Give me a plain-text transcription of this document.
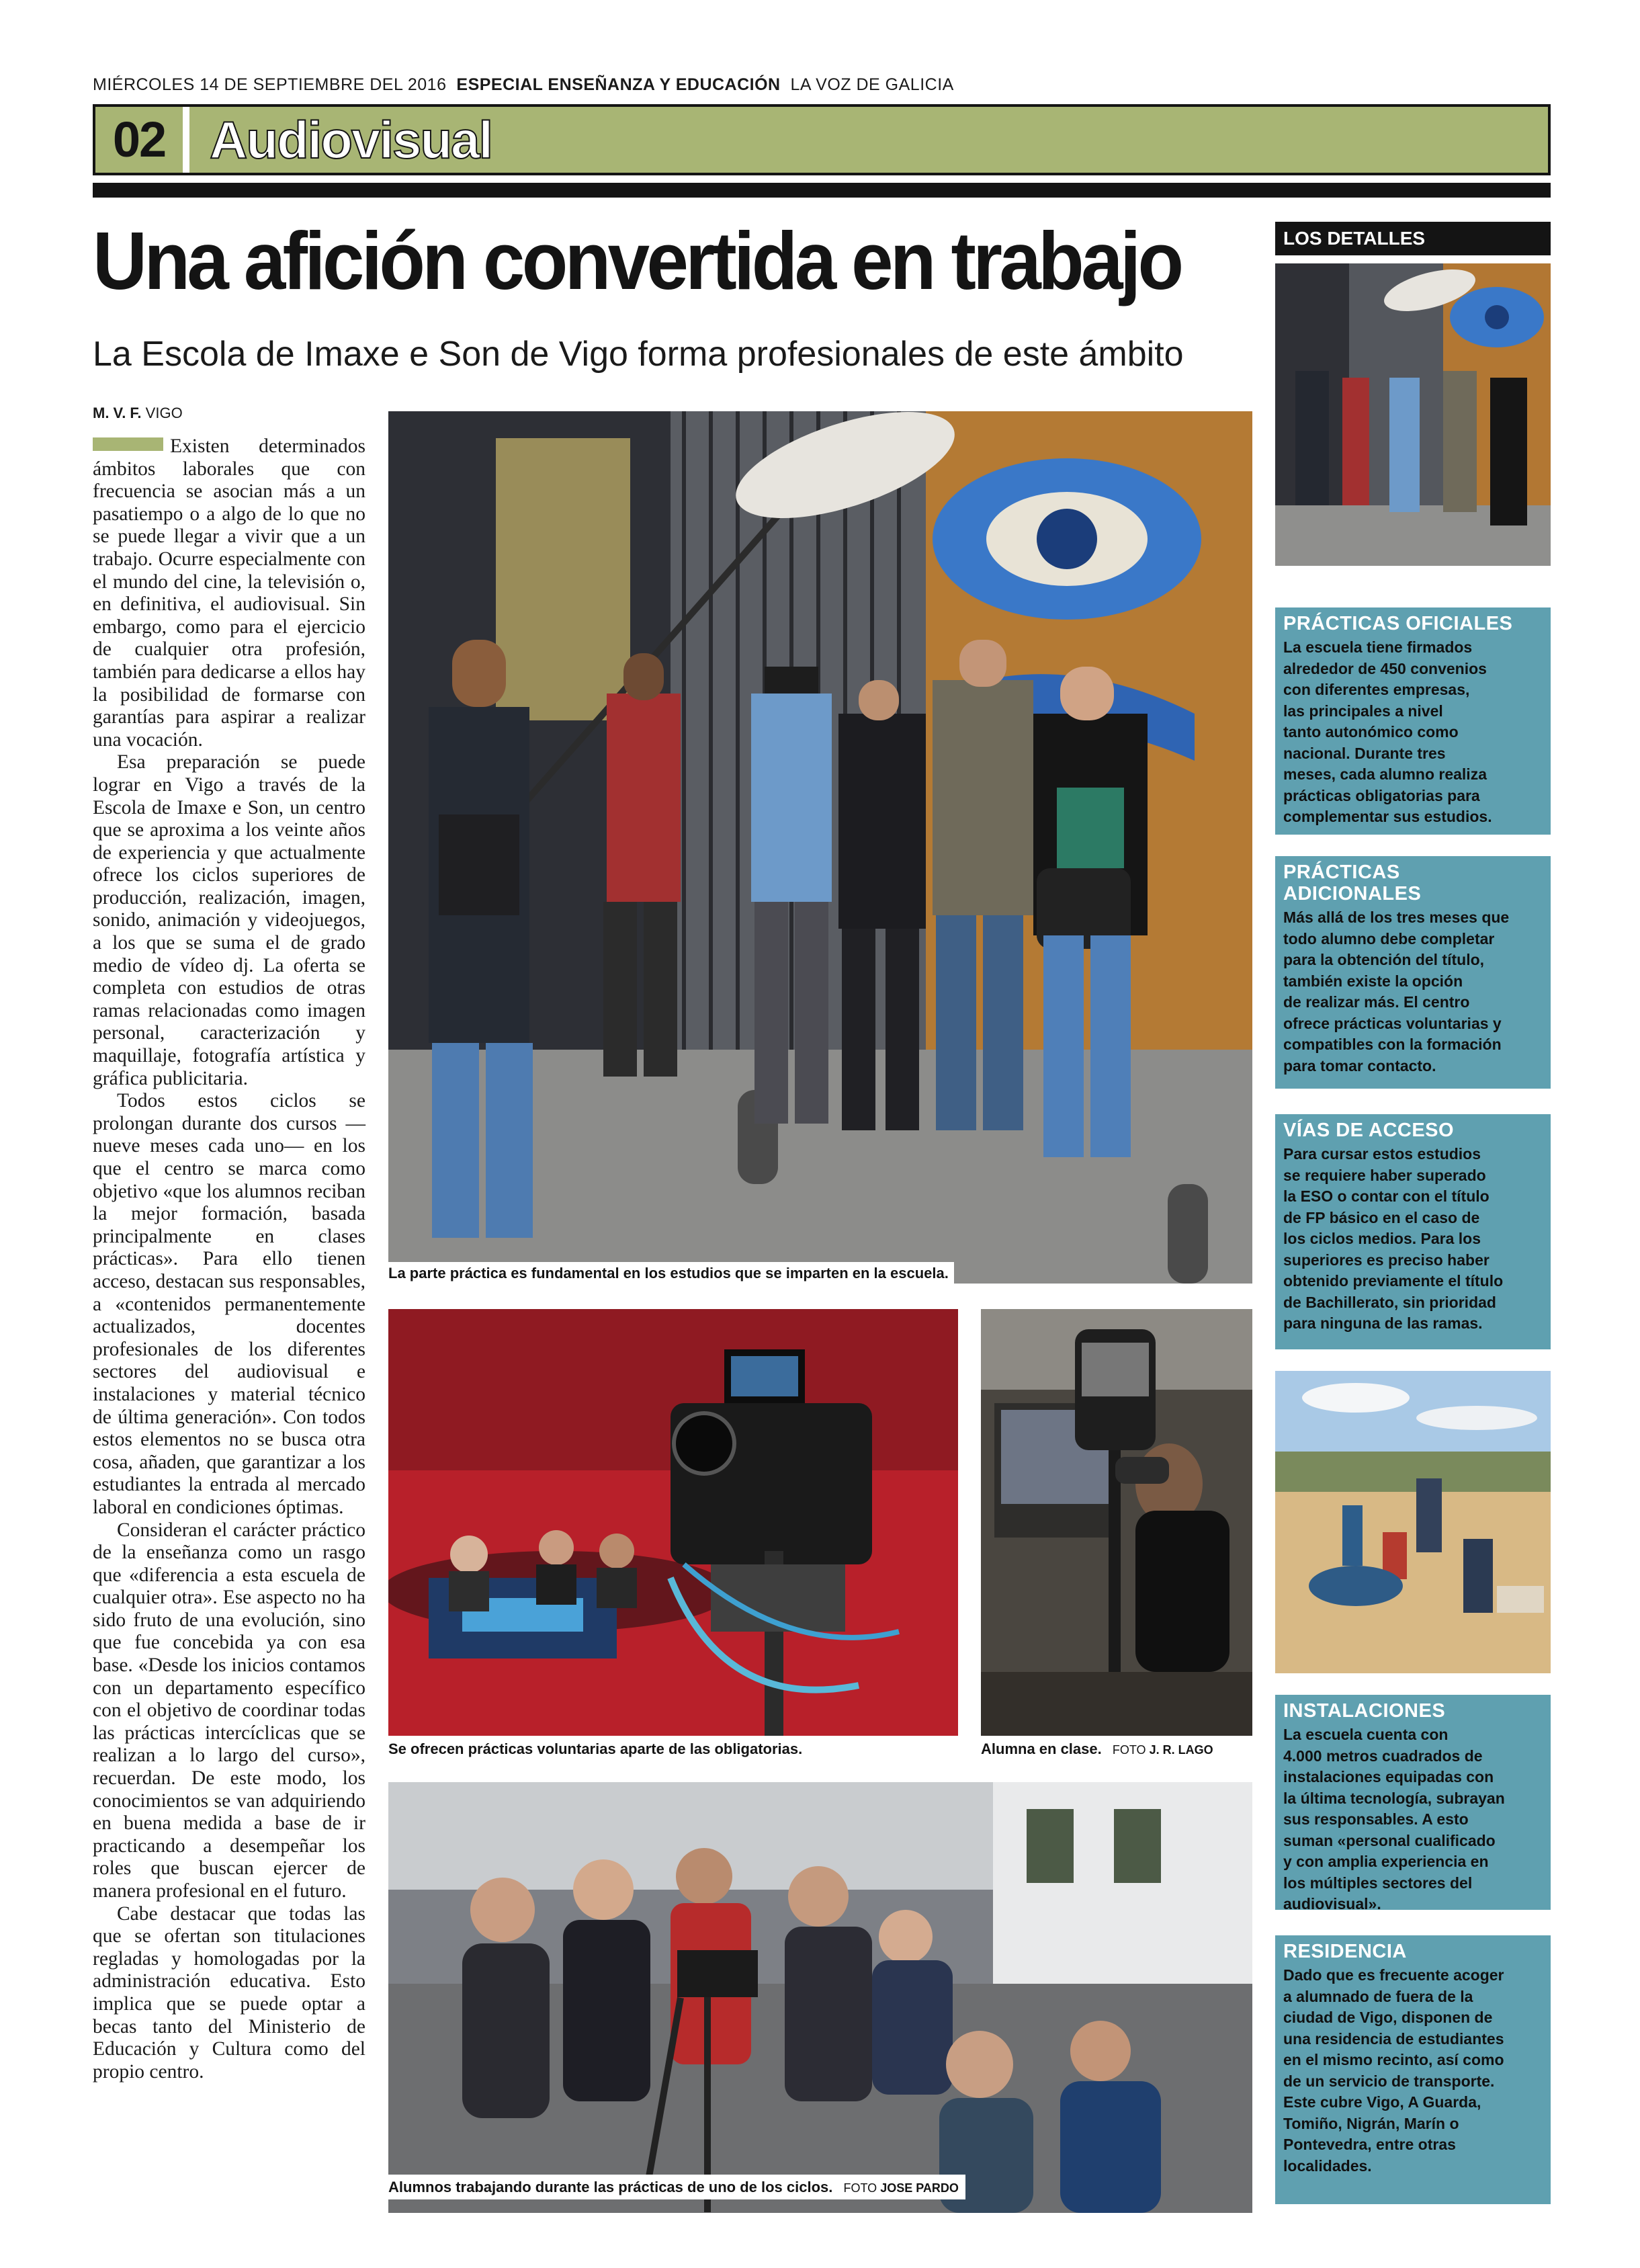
MIÉRCOLES 14 DE SEPTIEMBRE DEL 2016 ESPECIAL ENSEÑANZA Y EDUCACIÓN LA VOZ DE GALICIA
02 Audiovisual
Una afición convertida en trabajo
La Escola de Imaxe e Son de Vigo forma profesionales de este ámbito
M. V. F. VIGO

Existen determinados ámbitos laborales que con frecuencia se asocian más a un pasatiempo o a algo de lo que no se puede llegar a vivir que a un trabajo. Ocurre especialmente con el mundo del cine, la televisión o, en definitiva, el audiovisual. Sin embargo, como para el ejercicio de cualquier otra profesión, también para dedicarse a ellos hay la posibilidad de formarse con garantías para aspirar a realizar una vocación.

Esa preparación se puede lograr en Vigo a través de la Escola de Imaxe e Son, un centro que se aproxima a los veinte años de experiencia y que actualmente ofrece los ciclos superiores de producción, realización, imagen, sonido, animación y videojuegos, a los que se suma el de grado medio de vídeo dj. La oferta se completa con estudios de otras ramas relacionadas como imagen personal, caracterización y maquillaje, fotografía artística y gráfica publicitaria.

Todos estos ciclos se prolongan durante dos cursos —nueve meses cada uno— en los que el centro se marca como objetivo «que los alumnos reciban la mejor formación, basada principalmente en clases prácticas». Para ello tienen acceso, destacan sus responsables, a «contenidos permanentemente actualizados, docentes profesionales de los diferentes sectores del audiovisual e instalaciones y material técnico de última generación». Con todos estos elementos no se busca otra cosa, añaden, que garantizar a los estudiantes la entrada al mercado laboral en condiciones óptimas.

Consideran el carácter práctico de la enseñanza como un rasgo que «diferencia a esta escuela de cualquier otra». Ese aspecto no ha sido fruto de una evolución, sino que fue concebida ya con esa base. «Desde los inicios contamos con un departamento específico con el objetivo de coordinar todas las prácticas intercíclicas que se realizan a lo largo del curso», recuerdan. De este modo, los conocimientos se van adquiriendo en buena medida a base de ir practicando a desempeñar los roles que buscan ejercer de manera profesional en el futuro.

Cabe destacar que todas las que se ofertan son titulaciones regladas y homologadas por la administración educativa. Esto implica que se puede optar a becas tanto del Ministerio de Educación y Cultura como del propio centro.

La parte práctica es fundamental en los estudios que se imparten en la escuela.
Se ofrecen prácticas voluntarias aparte de las obligatorias.	Alumna en clase. FOTO J. R. LAGO
Alumnos trabajando durante las prácticas de uno de los ciclos. FOTO JOSE PARDO
LOS DETALLES
PRÁCTICAS OFICIALES

La escuela tiene firmados
alrededor de 450 convenios
con diferentes empresas,
las principales a nivel
tanto autonómico como
nacional. Durante tres
meses, cada alumno realiza
prácticas obligatorias para
complementar sus estudios.

PRÁCTICAS ADICIONALES

Más allá de los tres meses que
todo alumno debe completar
para la obtención del título,
también existe la opción
de realizar más. El centro
ofrece prácticas voluntarias y
compatibles con la formación
para tomar contacto.

VÍAS DE ACCESO

Para cursar estos estudios
se requiere haber superado
la ESO o contar con el título
de FP básico en el caso de
los ciclos medios. Para los
superiores es preciso haber
obtenido previamente el título
de Bachillerato, sin prioridad
para ninguna de las ramas.

INSTALACIONES

La escuela cuenta con
4.000 metros cuadrados de
instalaciones equipadas con
la última tecnología, subrayan
sus responsables. A esto
suman «personal cualificado
y con amplia experiencia en
los múltiples sectores del
audiovisual».

RESIDENCIA

Dado que es frecuente acoger
a alumnado de fuera de la
ciudad de Vigo, disponen de
una residencia de estudiantes
en el mismo recinto, así como
de un servicio de transporte.
Este cubre Vigo, A Guarda,
Tomiño, Nigrán, Marín o
Pontevedra, entre otras
localidades.
